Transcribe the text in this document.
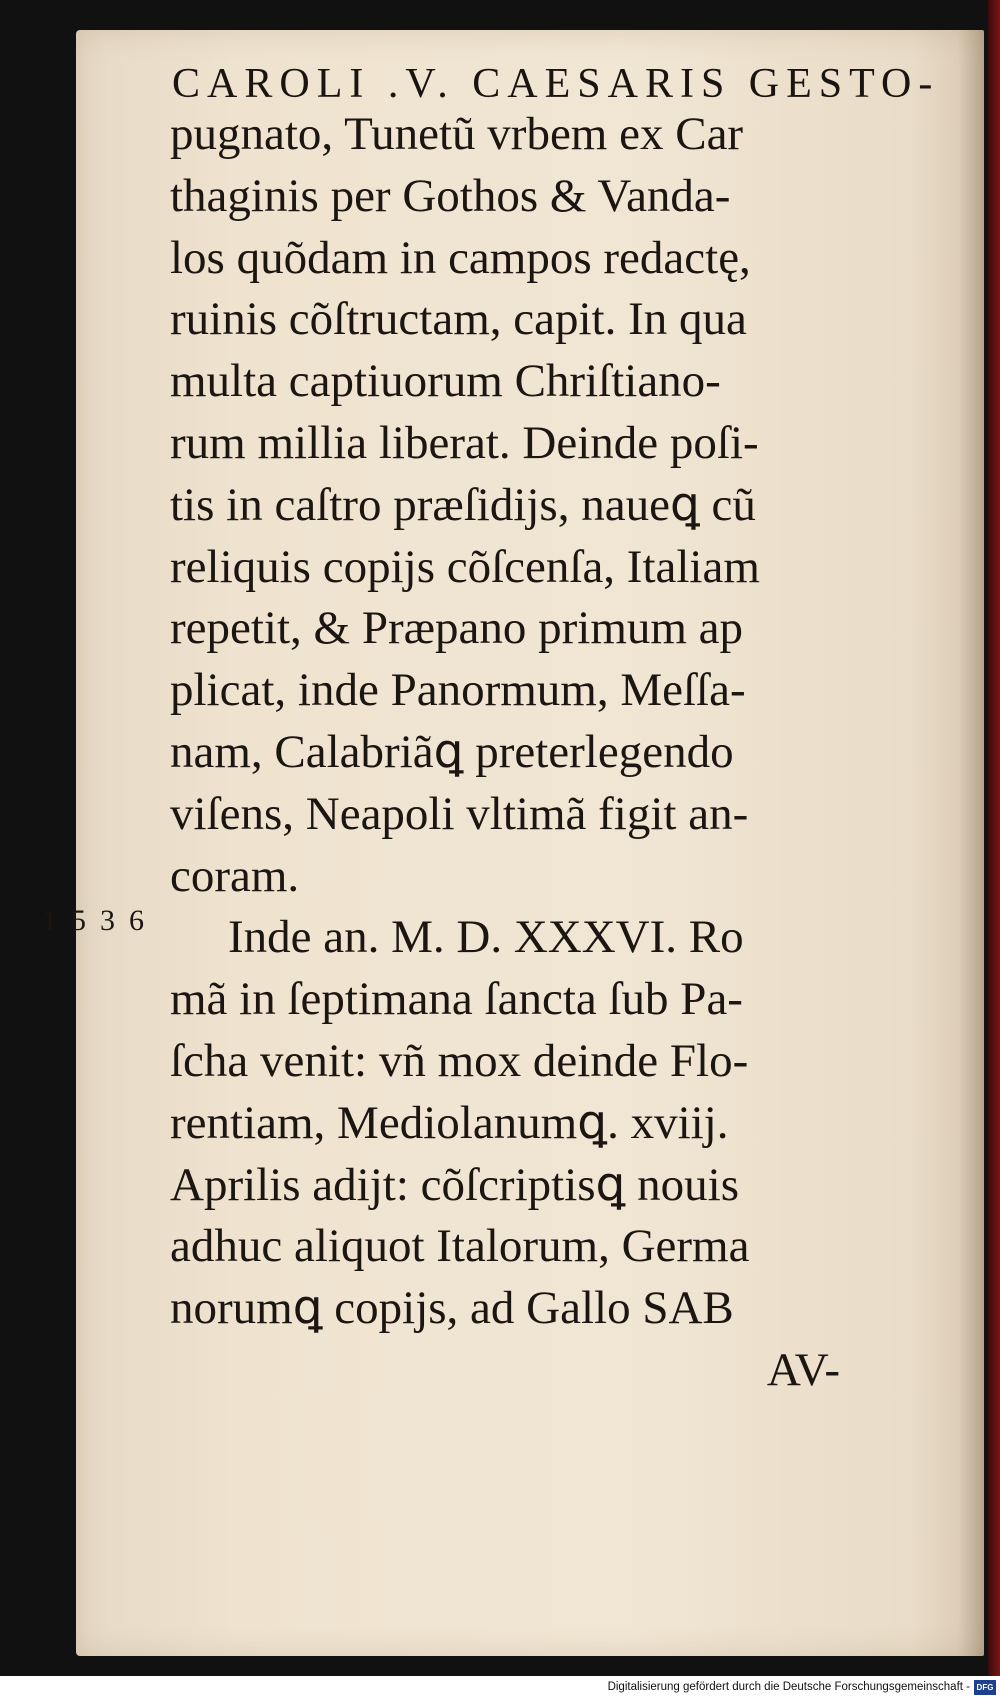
CAROLI .V. CAESARIS GESTO-
1536
pugnato, Tunetũ vrbem ex Car
thaginis per Gothos & Vanda-
los quõdam in campos redactę,
ruinis cõſtructam, capit. In qua
multa captiuorum Chriſtiano-
rum millia liberat. Deinde poſi-
tis in caſtro præſidijs, naueꝗ cũ
reliquis copijs cõſcenſa, Italiam
repetit, & Præpano primum ap
plicat, inde Panormum, Meſſa-
nam, Calabriãꝗ preterlegendo
viſens, Neapoli vltimã figit an-
coram.
Inde an. M. D. XXXVI. Ro
mã in ſeptimana ſancta ſub Pa-
ſcha venit: vñ mox deinde Flo-
rentiam, Mediolanumꝗ. xviij.
Aprilis adijt: cõſcriptisꝗ nouis
adhuc aliquot Italorum, Germa
norumꝗ copijs, ad Gallo SAB
AV-
Digitalisierung gefördert durch die Deutsche Forschungsgemeinschaft - DFG
